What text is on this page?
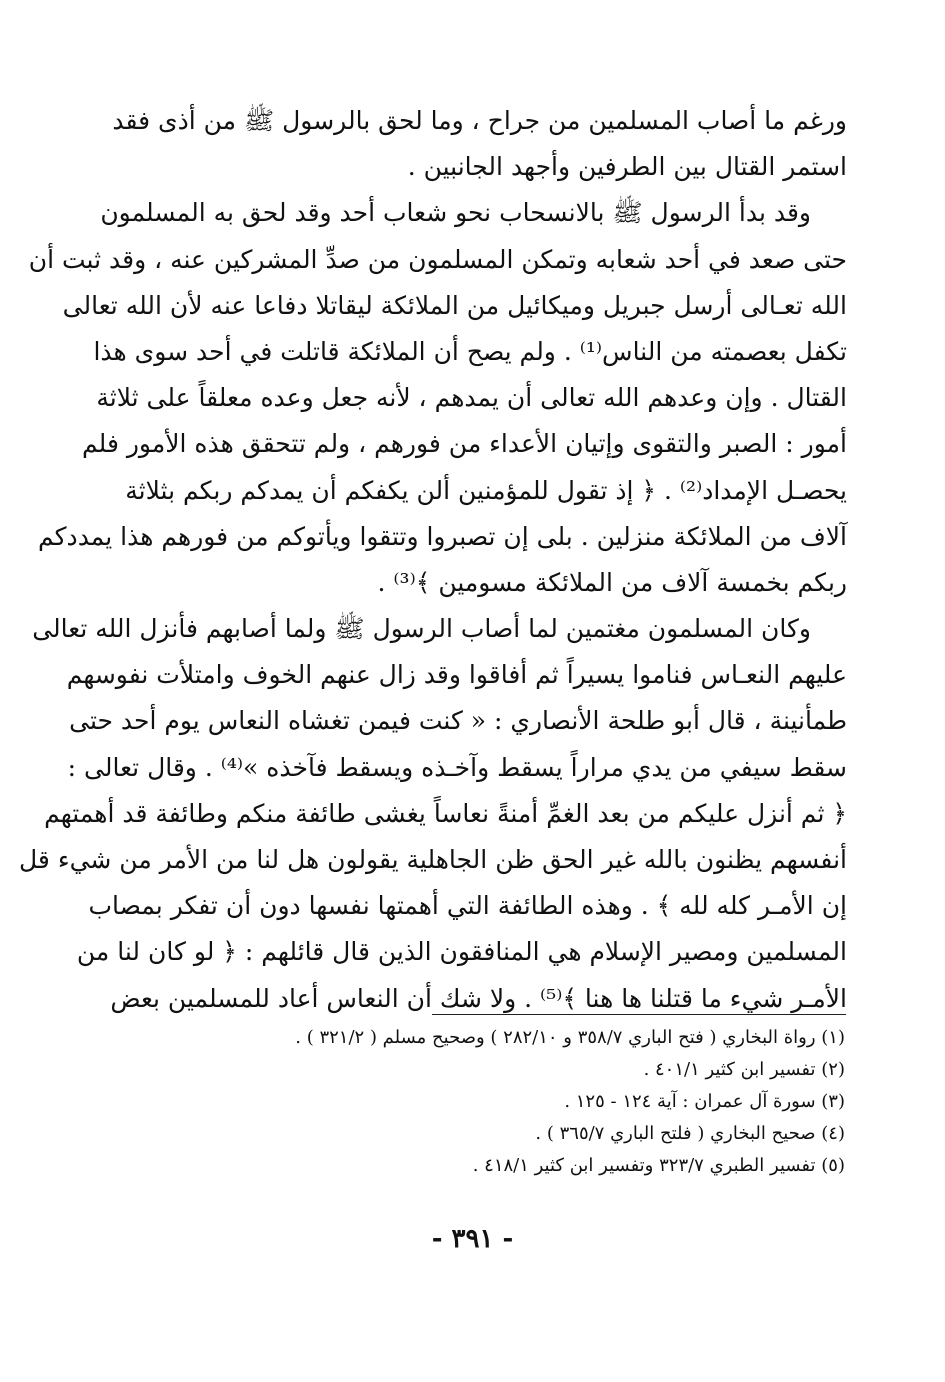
ورغم ما أصاب المسلمين من جراح ، وما لحق بالرسول ﷺ من أذى فقد
استمر القتال بين الطرفين وأجهد الجانبين .
وقد بدأ الرسول ﷺ بالانسحاب نحو شعاب أحد وقد لحق به المسلمون
حتى صعد في أحد شعابه وتمكن المسلمون من صدِّ المشركين عنه ، وقد ثبت أن
الله تعـالى أرسل جبريل وميكائيل من الملائكة ليقاتلا دفاعا عنه لأن الله تعالى
تكفل بعصمته من الناس⁽¹⁾ . ولم يصح أن الملائكة قاتلت في أحد سوى هذا
القتال . وإن وعدهم الله تعالى أن يمدهم ، لأنه جعل وعده معلقاً على ثلاثة
أمور : الصبر والتقوى وإتيان الأعداء من فورهم ، ولم تتحقق هذه الأمور فلم
يحصـل الإمداد⁽²⁾ . ﴿ إذ تقول للمؤمنين ألن يكفكم أن يمدكم ربكم بثلاثة
آلاف من الملائكة منزلين . بلى إن تصبروا وتتقوا ويأتوكم من فورهم هذا يمددكم
ربكم بخمسة آلاف من الملائكة مسومين ﴾⁽³⁾ .
وكان المسلمون مغتمين لما أصاب الرسول ﷺ ولما أصابهم فأنزل الله تعالى
عليهم النعـاس فناموا يسيراً ثم أفاقوا وقد زال عنهم الخوف وامتلأت نفوسهم
طمأنينة ، قال أبو طلحة الأنصاري : « كنت فيمن تغشاه النعاس يوم أحد حتى
سقط سيفي من يدي مراراً يسقط وآخـذه ويسقط فآخذه »⁽⁴⁾ . وقال تعالى :
﴿ ثم أنزل عليكم من بعد الغمِّ أمنةً نعاساً يغشى طائفة منكم وطائفة قد أهمتهم
أنفسهم يظنون بالله غير الحق ظن الجاهلية يقولون هل لنا من الأمر من شيء قل
إن الأمـر كله لله ﴾ . وهذه الطائفة التي أهمتها نفسها دون أن تفكر بمصاب
المسلمين ومصير الإسلام هي المنافقون الذين قال قائلهم : ﴿ لو كان لنا من
الأمـر شيء ما قتلنا ها هنا ﴾⁽⁵⁾ . ولا شك أن النعاس أعاد للمسلمين بعض
(١) رواة البخاري ( فتح الباري ٣٥٨/٧ و ٢٨٢/١٠ ) وصحيح مسلم ( ٣٢١/٢ ) .
(٢) تفسير ابن كثير ٤٠١/١ .
(٣) سورة آل عمران : آية ١٢٤ - ١٢٥ .
(٤) صحيح البخاري ( فلتح الباري ٣٦٥/٧ ) .
(٥) تفسير الطبري ٣٢٣/٧ وتفسير ابن كثير ٤١٨/١ .
- ٣٩١ -
